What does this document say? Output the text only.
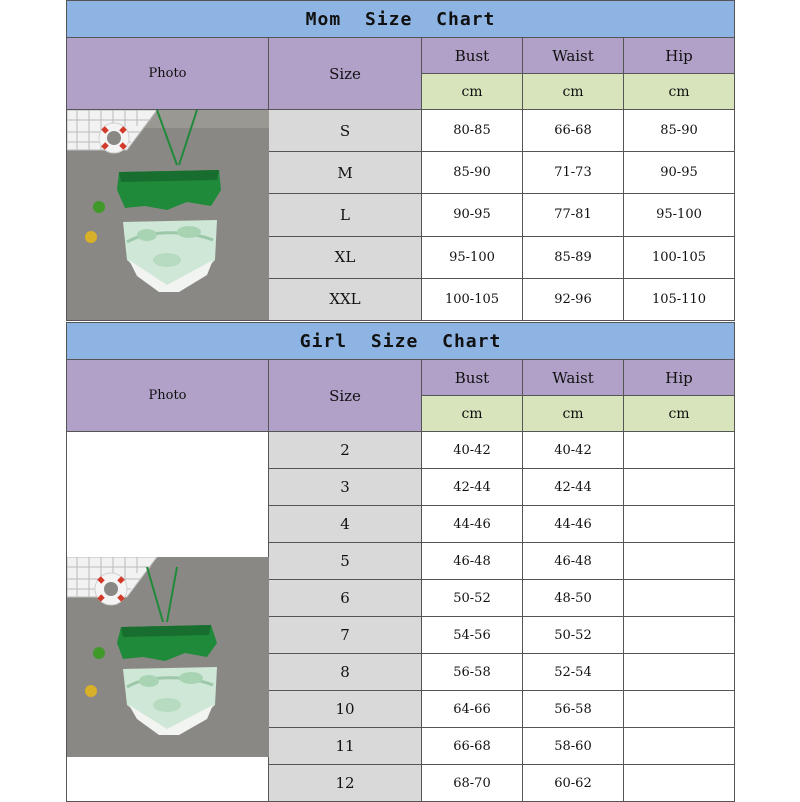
Mom Size Chart				
Photo	Size	Bust	Waist	Hip
		cm	cm	cm

	S	80-85	66-68	85-90
	M	85-90	71-73	90-95
	L	90-95	77-81	95-100
	XL	95-100	85-89	100-105
	XXL	100-105	92-96	105-110
Girl Size Chart				
Photo	Size	Bust	Waist	Hip
		cm	cm	cm

	2	40-42	40-42	
	3	42-44	42-44	
	4	44-46	44-46	
	5	46-48	46-48	
	6	50-52	48-50	
	7	54-56	50-52	
	8	56-58	52-54	
	10	64-66	56-58	
	11	66-68	58-60	
	12	68-70	60-62	
